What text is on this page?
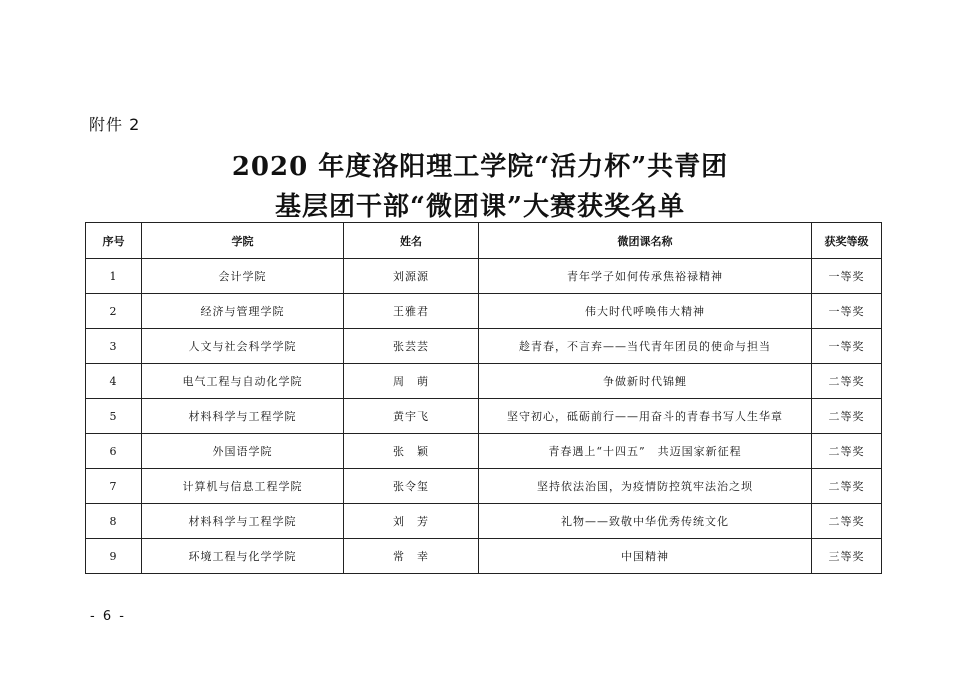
附件 2
2020 年度洛阳理工学院“活力杯”共青团
基层团干部“微团课”大赛获奖名单
序号	学院	姓名	微团课名称	获奖等级
1	会计学院	刘源源	青年学子如何传承焦裕禄精神	一等奖
2	经济与管理学院	王雅君	伟大时代呼唤伟大精神	一等奖
3	人文与社会科学学院	张芸芸	趁青春，不言弃——当代青年团员的使命与担当	一等奖
4	电气工程与自动化学院	周　萌	争做新时代锦鲤	二等奖
5	材料科学与工程学院	黄宇飞	坚守初心，砥砺前行——用奋斗的青春书写人生华章	二等奖
6	外国语学院	张　颖	青春遇上“十四五”　共迈国家新征程	二等奖
7	计算机与信息工程学院	张令玺	坚持依法治国，为疫情防控筑牢法治之坝	二等奖
8	材料科学与工程学院	刘　芳	礼物——致敬中华优秀传统文化	二等奖
9	环境工程与化学学院	常　幸	中国精神	三等奖
- 6 -
